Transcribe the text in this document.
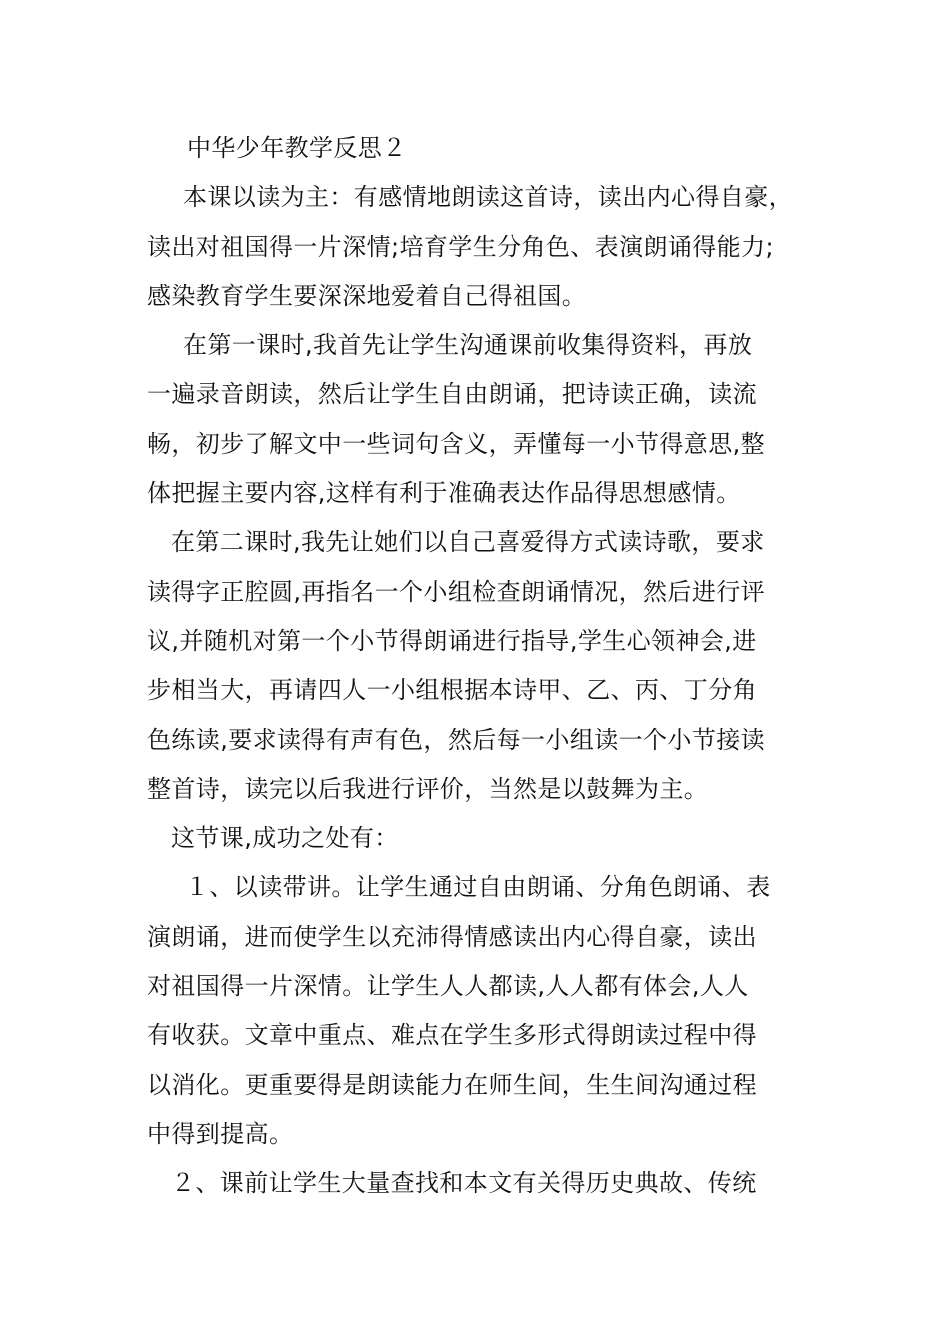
中华少年教学反思２
本课以读为主：有感情地朗读这首诗，读出内心得自豪，
读出对祖国得一片深情;培育学生分角色、表演朗诵得能力;
感染教育学生要深深地爱着自己得祖国。
在第一课时,我首先让学生沟通课前收集得资料，再放
一遍录音朗读，然后让学生自由朗诵，把诗读正确，读流
畅，初步了解文中一些词句含义，弄懂每一小节得意思,整
体把握主要内容,这样有利于准确表达作品得思想感情。
在第二课时,我先让她们以自己喜爱得方式读诗歌，要求
读得字正腔圆,再指名一个小组检查朗诵情况，然后进行评
议,并随机对第一个小节得朗诵进行指导,学生心领神会,进
步相当大，再请四人一小组根据本诗甲、乙、丙、丁分角
色练读,要求读得有声有色，然后每一小组读一个小节接读
整首诗，读完以后我进行评价，当然是以鼓舞为主。
这节课,成功之处有：
１、以读带讲。让学生通过自由朗诵、分角色朗诵、表
演朗诵，进而使学生以充沛得情感读出内心得自豪，读出
对祖国得一片深情。让学生人人都读,人人都有体会,人人
有收获。文章中重点、难点在学生多形式得朗读过程中得
以消化。更重要得是朗读能力在师生间，生生间沟通过程
中得到提高。
２、课前让学生大量查找和本文有关得历史典故、传统
